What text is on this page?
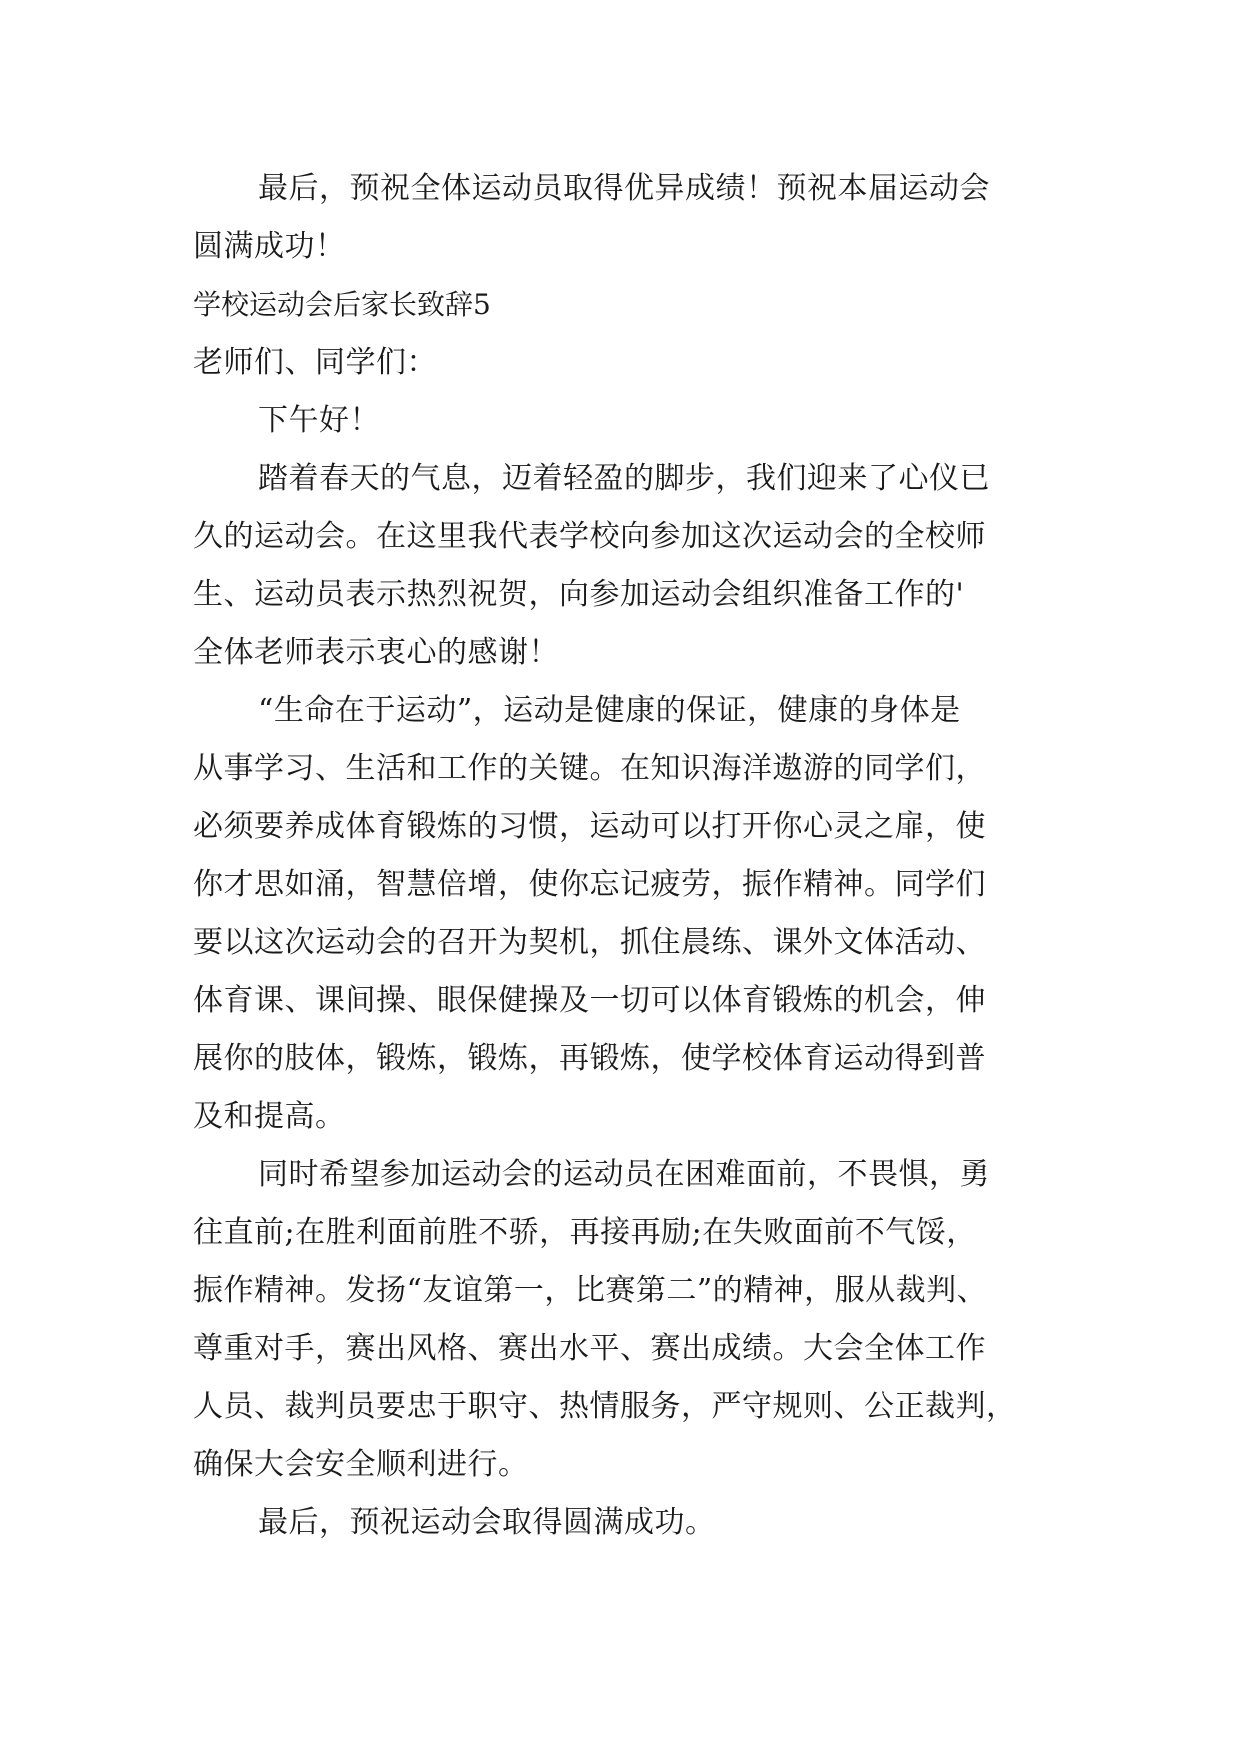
最后，预祝全体运动员取得优异成绩！预祝本届运动会

圆满成功！

学校运动会后家长致辞5

老师们、同学们：

下午好！

踏着春天的气息，迈着轻盈的脚步，我们迎来了心仪已

久的运动会。在这里我代表学校向参加这次运动会的全校师

生、运动员表示热烈祝贺，向参加运动会组织准备工作的'

全体老师表示衷心的感谢！

“生命在于运动”，运动是健康的保证，健康的身体是

从事学习、生活和工作的关键。在知识海洋遨游的同学们，

必须要养成体育锻炼的习惯，运动可以打开你心灵之扉，使

你才思如涌，智慧倍增，使你忘记疲劳，振作精神。同学们

要以这次运动会的召开为契机，抓住晨练、课外文体活动、

体育课、课间操、眼保健操及一切可以体育锻炼的机会，伸

展你的肢体，锻炼，锻炼，再锻炼，使学校体育运动得到普

及和提高。

同时希望参加运动会的运动员在困难面前，不畏惧，勇

往直前;在胜利面前胜不骄，再接再励;在失败面前不气馁，

振作精神。发扬“友谊第一，比赛第二”的精神，服从裁判、

尊重对手，赛出风格、赛出水平、赛出成绩。大会全体工作

人员、裁判员要忠于职守、热情服务，严守规则、公正裁判，

确保大会安全顺利进行。

最后，预祝运动会取得圆满成功。
